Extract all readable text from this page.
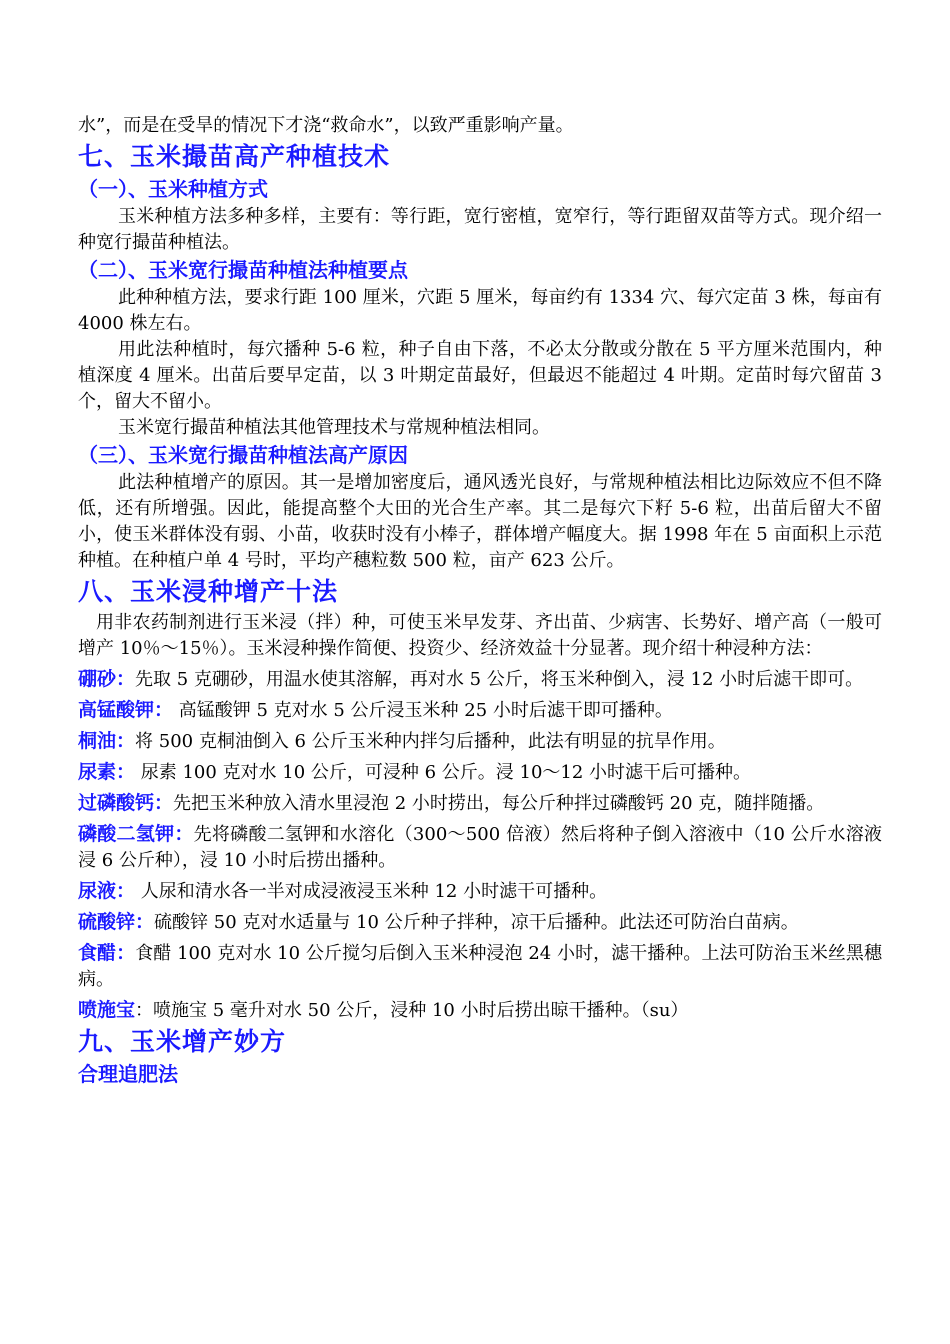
水”，而是在受旱的情况下才浇“救命水”，以致严重影响产量。

七、玉米撮苗高产种植技术
（一）、玉米种植方式

玉米种植方法多种多样，主要有：等行距，宽行密植，宽窄行，等行距留双苗等方式。现介绍一种宽行撮苗种植法。

（二）、玉米宽行撮苗种植法种植要点

此种种植方法，要求行距 100 厘米，穴距 5 厘米，每亩约有 1334 穴、每穴定苗 3 株，每亩有 4000 株左右。

用此法种植时，每穴播种 5-6 粒，种子自由下落，不必太分散或分散在 5 平方厘米范围内，种植深度 4 厘米。出苗后要早定苗，以 3 叶期定苗最好，但最迟不能超过 4 叶期。定苗时每穴留苗 3 个，留大不留小。

玉米宽行撮苗种植法其他管理技术与常规种植法相同。

（三）、玉米宽行撮苗种植法高产原因

此法种植增产的原因。其一是增加密度后，通风透光良好，与常规种植法相比边际效应不但不降低，还有所增强。因此，能提高整个大田的光合生产率。其二是每穴下籽 5-6 粒，出苗后留大不留小，使玉米群体没有弱、小苗，收获时没有小棒子，群体增产幅度大。据 1998 年在 5 亩面积上示范种植。在种植户单 4 号时，平均产穗粒数 500 粒，亩产 623 公斤。

八、玉米浸种增产十法

用非农药制剂进行玉米浸（拌）种，可使玉米早发芽、齐出苗、少病害、长势好、增产高（一般可增产 10％～15％）。玉米浸种操作简便、投资少、经济效益十分显著。现介绍十种浸种方法：

硼砂：先取 5 克硼砂，用温水使其溶解，再对水 5 公斤，将玉米种倒入，浸 12 小时后滤干即可。

高锰酸钾： 高锰酸钾 5 克对水 5 公斤浸玉米种 25 小时后滤干即可播种。

桐油：将 500 克桐油倒入 6 公斤玉米种内拌匀后播种，此法有明显的抗旱作用。

尿素： 尿素 100 克对水 10 公斤，可浸种 6 公斤。浸 10～12 小时滤干后可播种。

过磷酸钙：先把玉米种放入清水里浸泡 2 小时捞出，每公斤种拌过磷酸钙 20 克，随拌随播。

磷酸二氢钾：先将磷酸二氢钾和水溶化（300～500 倍液）然后将种子倒入溶液中（10 公斤水溶液浸 6 公斤种），浸 10 小时后捞出播种。

尿液： 人尿和清水各一半对成浸液浸玉米种 12 小时滤干可播种。

硫酸锌：硫酸锌 50 克对水适量与 10 公斤种子拌种，凉干后播种。此法还可防治白苗病。

食醋：食醋 100 克对水 10 公斤搅匀后倒入玉米种浸泡 24 小时，滤干播种。上法可防治玉米丝黑穗病。

喷施宝：喷施宝 5 毫升对水 50 公斤，浸种 10 小时后捞出晾干播种。（su）

九、玉米增产妙方
合理追肥法
